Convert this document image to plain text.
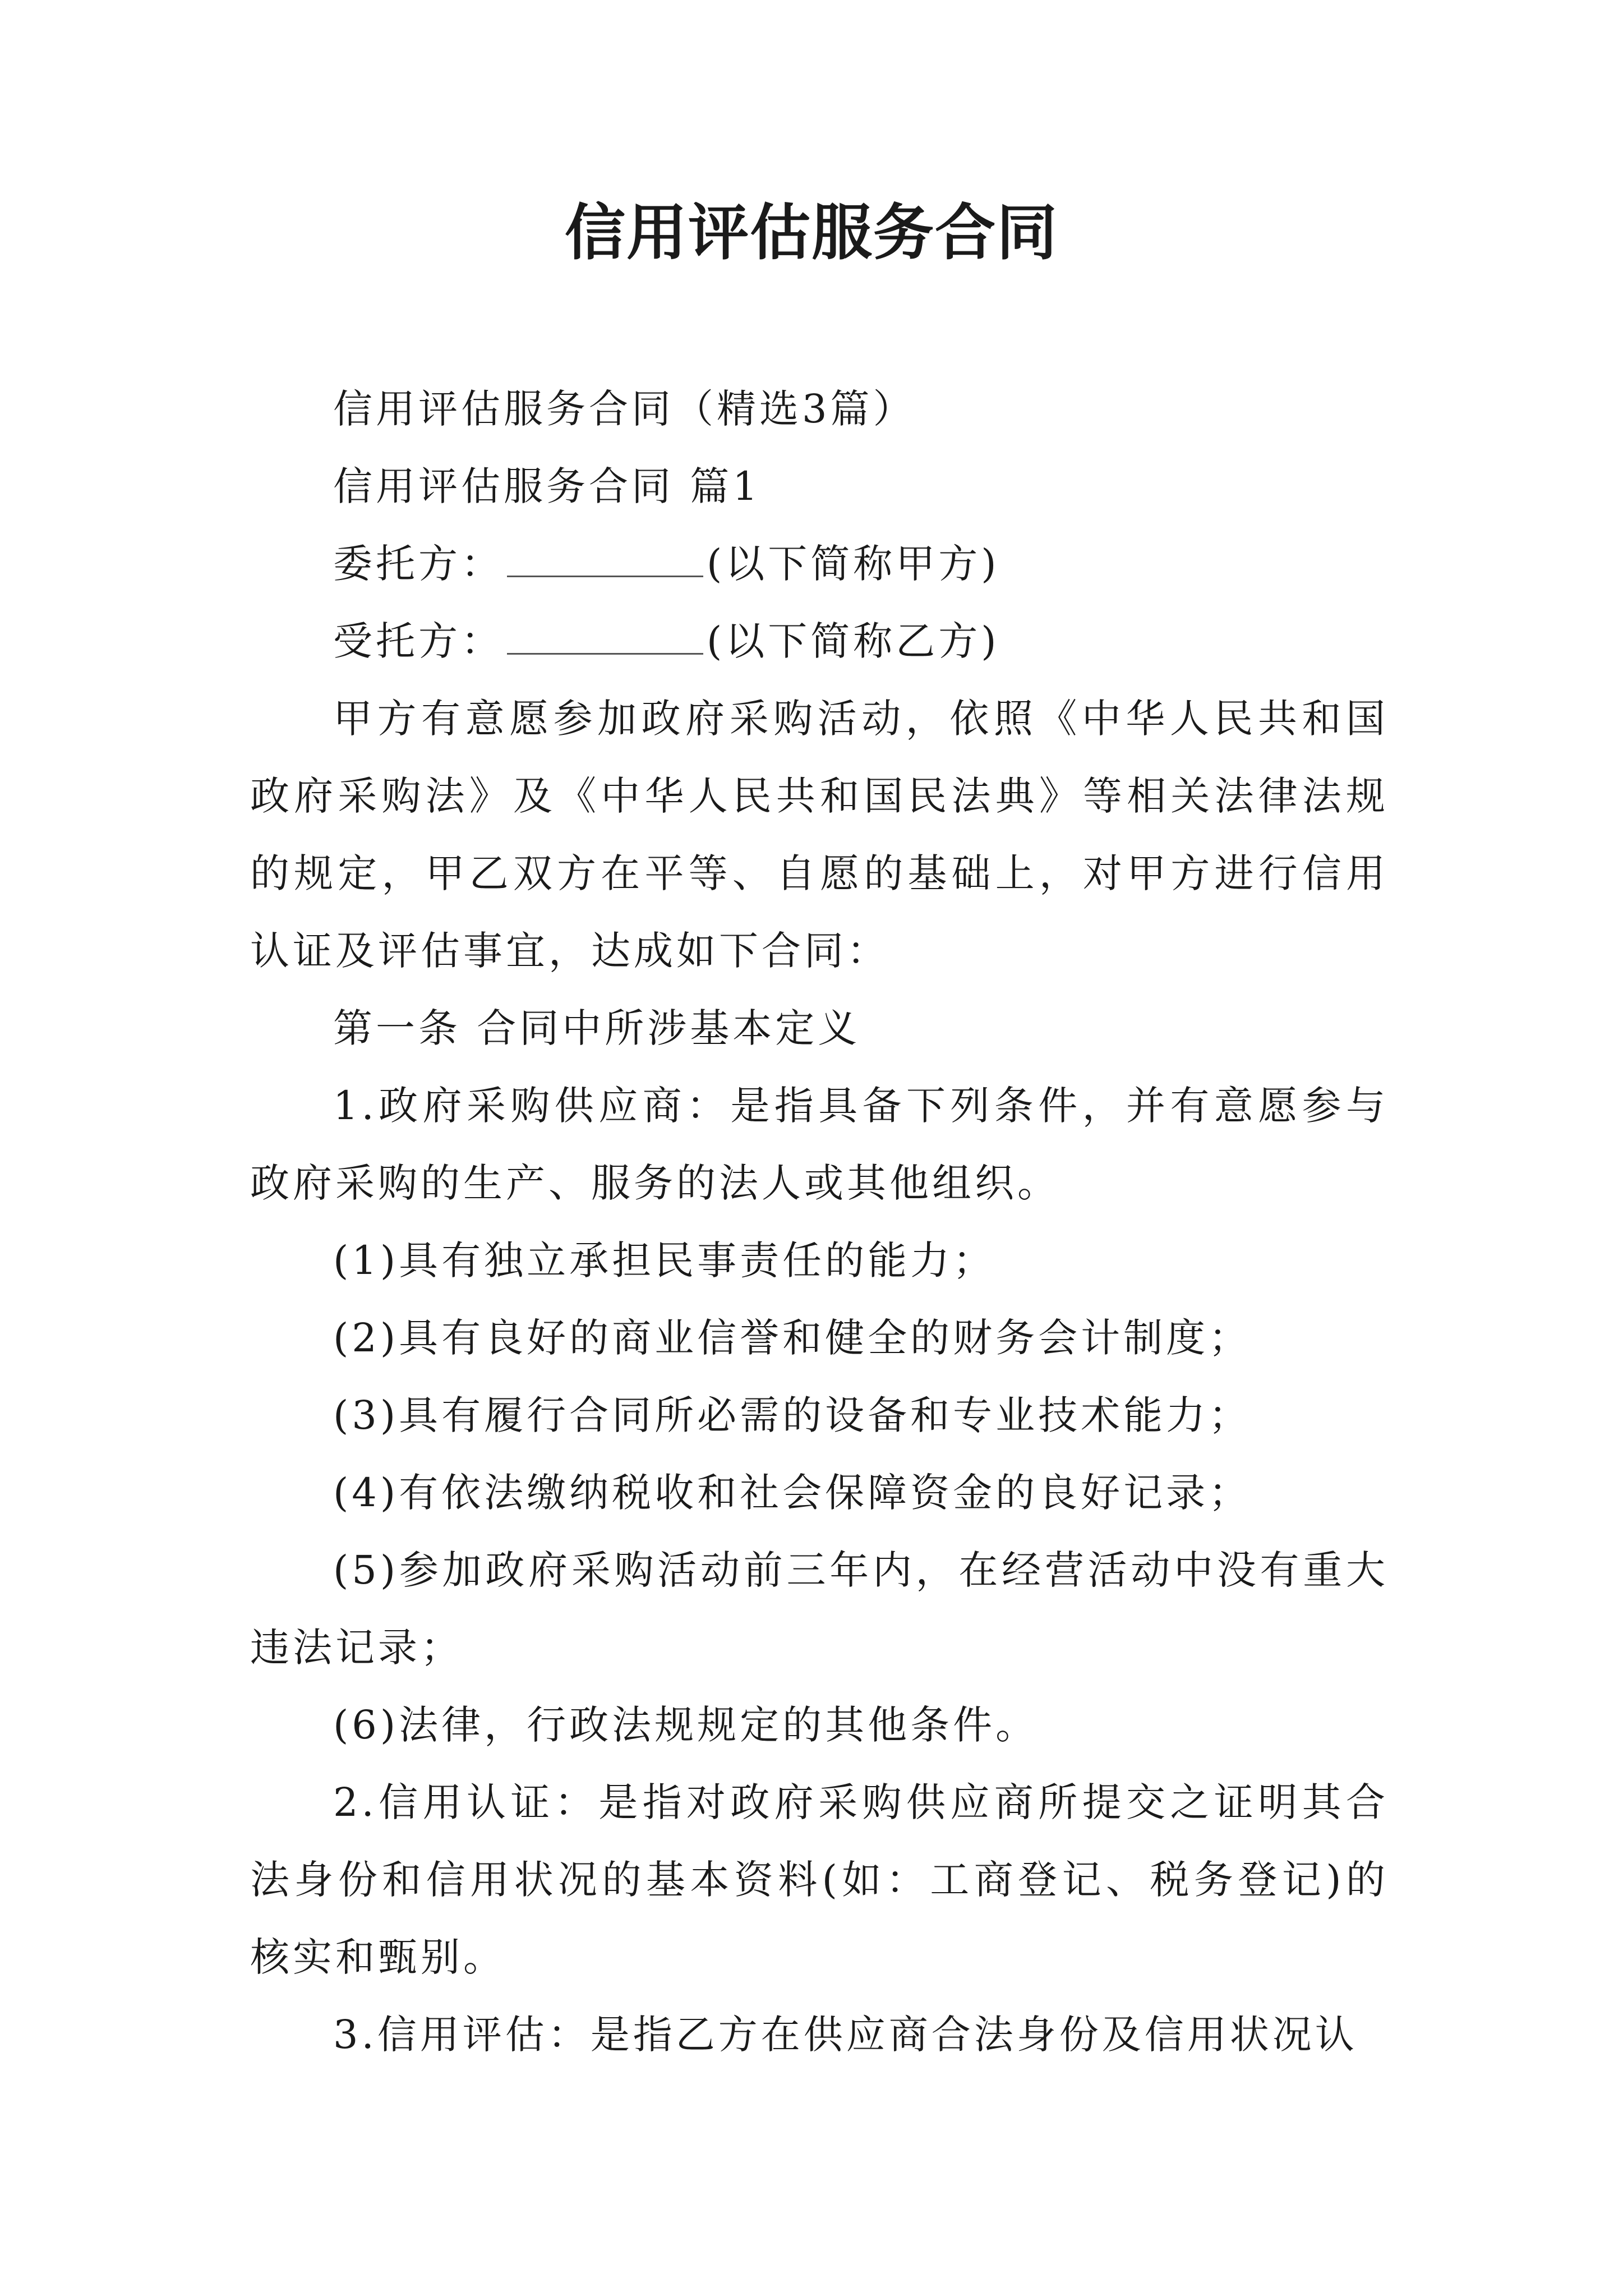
信用评估服务合同

信用评估服务合同（精选3篇）

信用评估服务合同 篇1

委托方：	(以下简称甲方)

受托方：	(以下简称乙方)

甲方有意愿参加政府采购活动，依照《中华人民共和国政府采购法》及《中华人民共和国民法典》等相关法律法规的规定，甲乙双方在平等、自愿的基础上，对甲方进行信用认证及评估事宜，达成如下合同：

第一条 合同中所涉基本定义

1.政府采购供应商：是指具备下列条件，并有意愿参与政府采购的生产、服务的法人或其他组织。

(1)具有独立承担民事责任的能力；

(2)具有良好的商业信誉和健全的财务会计制度；

(3)具有履行合同所必需的设备和专业技术能力；

(4)有依法缴纳税收和社会保障资金的良好记录；

(5)参加政府采购活动前三年内，在经营活动中没有重大违法记录；

(6)法律，行政法规规定的其他条件。

2.信用认证：是指对政府采购供应商所提交之证明其合法身份和信用状况的基本资料(如：工商登记、税务登记)的核实和甄别。

3.信用评估：是指乙方在供应商合法身份及信用状况认
